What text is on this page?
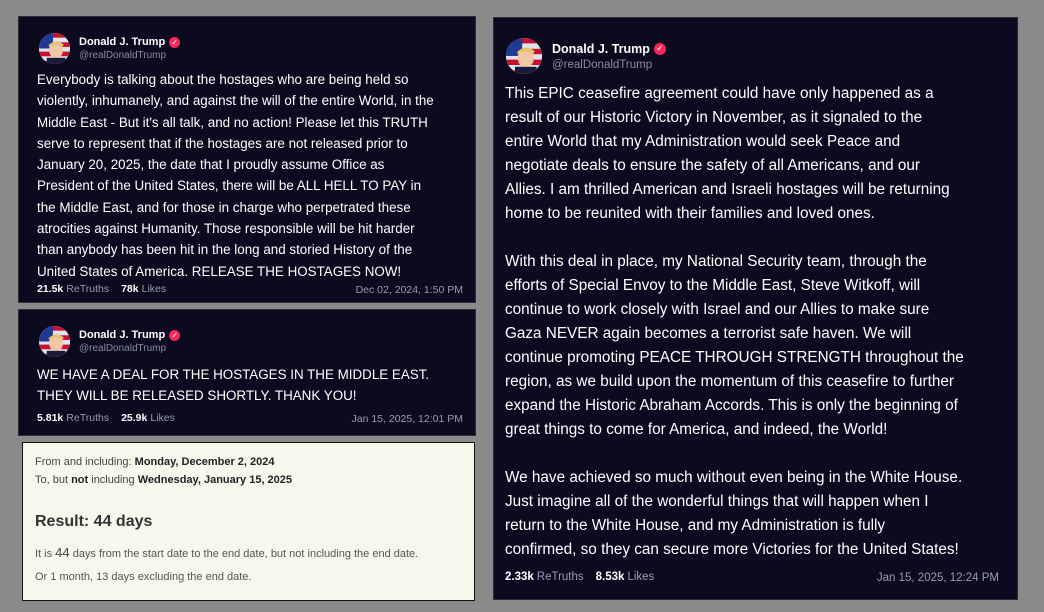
Donald J. Trump ✓
@realDonaldTrump
Everybody is talking about the hostages who are being held so
violently, inhumanely, and against the will of the entire World, in the
Middle East - But it's all talk, and no action! Please let this TRUTH
serve to represent that if the hostages are not released prior to
January 20, 2025, the date that I proudly assume Office as
President of the United States, there will be ALL HELL TO PAY in
the Middle East, and for those in charge who perpetrated these
atrocities against Humanity. Those responsible will be hit harder
than anybody has been hit in the long and storied History of the
United States of America. RELEASE THE HOSTAGES NOW!
21.5k ReTruths 78k Likes	Dec 02, 2024, 1:50 PM
Donald J. Trump ✓
@realDonaldTrump
WE HAVE A DEAL FOR THE HOSTAGES IN THE MIDDLE EAST.
THEY WILL BE RELEASED SHORTLY. THANK YOU!
5.81k ReTruths 25.9k Likes	Jan 15, 2025, 12:01 PM
From and including: Monday, December 2, 2024
To, but not including Wednesday, January 15, 2025
Result: 44 days
It is 44 days from the start date to the end date, but not including the end date.
Or 1 month, 13 days excluding the end date.
Donald J. Trump ✓
@realDonaldTrump
This EPIC ceasefire agreement could have only happened as a
result of our Historic Victory in November, as it signaled to the
entire World that my Administration would seek Peace and
negotiate deals to ensure the safety of all Americans, and our
Allies. I am thrilled American and Israeli hostages will be returning
home to be reunited with their families and loved ones.

With this deal in place, my National Security team, through the
efforts of Special Envoy to the Middle East, Steve Witkoff, will
continue to work closely with Israel and our Allies to make sure
Gaza NEVER again becomes a terrorist safe haven. We will
continue promoting PEACE THROUGH STRENGTH throughout the
region, as we build upon the momentum of this ceasefire to further
expand the Historic Abraham Accords. This is only the beginning of
great things to come for America, and indeed, the World!

We have achieved so much without even being in the White House.
Just imagine all of the wonderful things that will happen when I
return to the White House, and my Administration is fully
confirmed, so they can secure more Victories for the United States!
2.33k ReTruths 8.53k Likes	Jan 15, 2025, 12:24 PM
